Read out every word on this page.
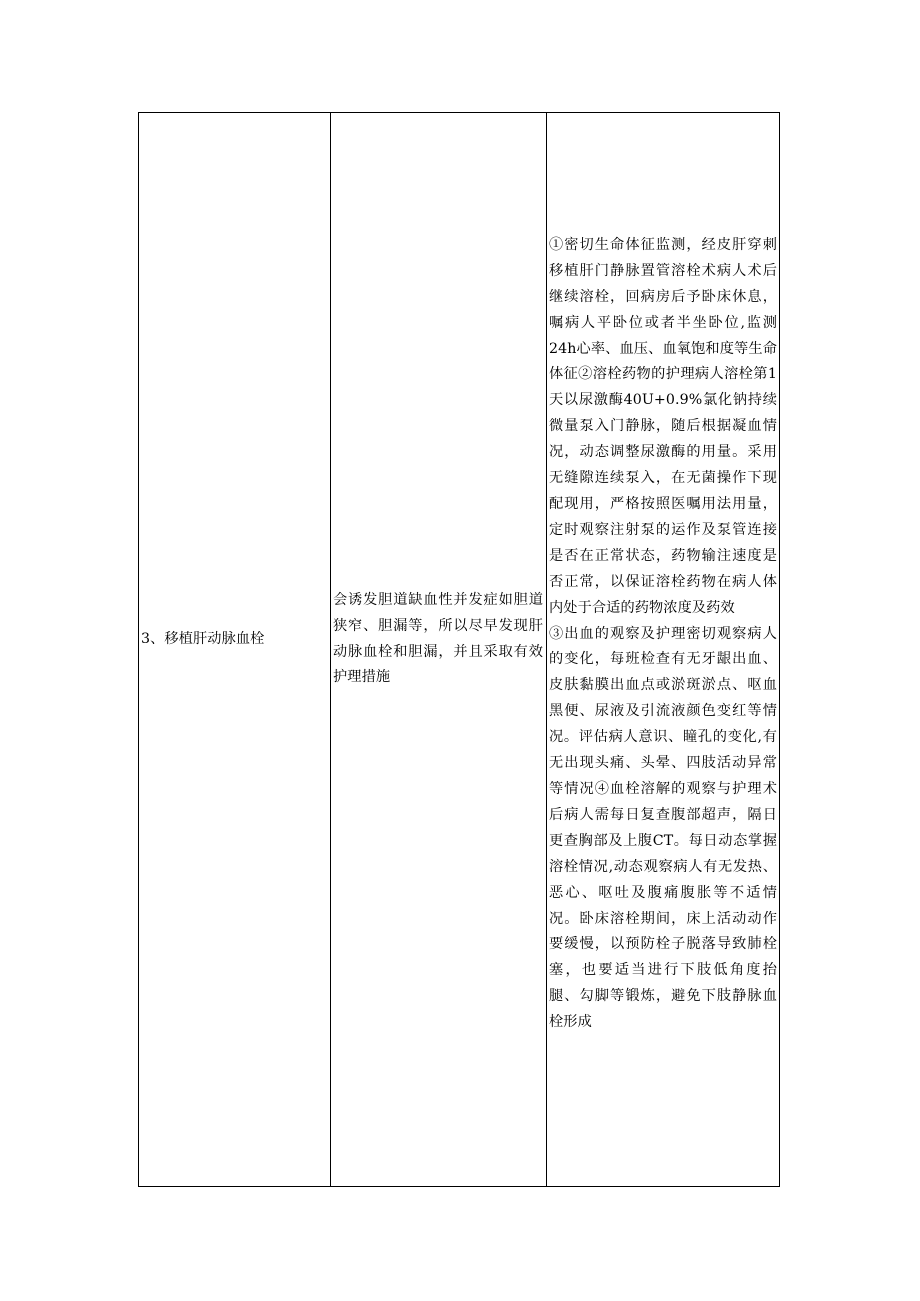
3、移植肝动脉血栓
会诱发胆道缺血性并发症如胆道狭窄、胆漏等，所以尽早发现肝动脉血栓和胆漏，并且采取有效护理措施

①密切生命体征监测，经皮肝穿刺移植肝门静脉置管溶栓术病人术后继续溶栓，回病房后予卧床休息，嘱病人平卧位或者半坐卧位,监测24h心率、血压、血氧饱和度等生命体征②溶栓药物的护理病人溶栓第1天以尿激酶40U+0.9%氯化钠持续微量泵入门静脉，随后根据凝血情况，动态调整尿激酶的用量。采用无缝隙连续泵入，在无菌操作下现配现用，严格按照医嘱用法用量，定时观察注射泵的运作及泵管连接是否在正常状态，药物输注速度是否正常，以保证溶栓药物在病人体内处于合适的药物浓度及药效

③出血的观察及护理密切观察病人的变化，每班检查有无牙龈出血、皮肤黏膜出血点或淤斑淤点、呕血黑便、尿液及引流液颜色变红等情况。评估病人意识、瞳孔的变化,有无出现头痛、头晕、四肢活动异常等情况④血栓溶解的观察与护理术后病人需每日复查腹部超声，隔日更查胸部及上腹CT。每日动态掌握溶栓情况,动态观察病人有无发热、恶心、呕吐及腹痛腹胀等不适情况。卧床溶栓期间，床上活动动作要缓慢，以预防栓子脱落导致肺栓塞，也要适当进行下肢低角度抬腿、勾脚等锻炼，避免下肢静脉血栓形成
